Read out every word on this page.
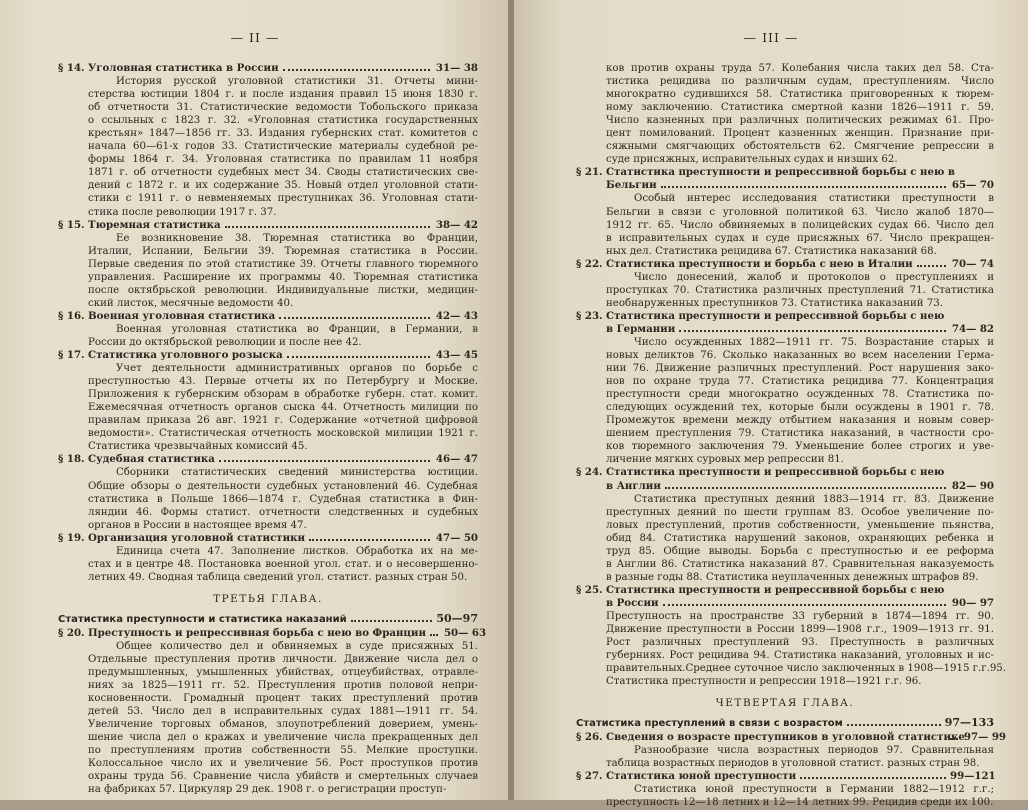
— II —
§ 14. Уголовная статистика в России	31— 38
История русской уголовной статистики 31. Отчеты мини-
стерства юстиции 1804 г. и после издания правил 15 июня 1830 г.
об отчетности 31. Статистические ведомости Тобольского приказа
о ссыльных с 1823 г. 32. «Уголовная статистика государственных
крестьян» 1847—1856 гг. 33. Издания губернских стат. комитетов с
начала 60—61-х годов 33. Статистические материалы судебной ре-
формы 1864 г. 34. Уголовная статистика по правилам 11 ноября
1871 г. об отчетности судебных мест 34. Своды статистических све-
дений с 1872 г. и их содержание 35. Новый отдел уголовной стати-
стики с 1911 г. о невменяемых преступниках 36. Уголовная стати-
стика после революции 1917 г. 37.
§ 15. Тюремная статистика	38— 42
Ее возникновение 38. Тюремная статистика во Франции,
Италии, Испании, Бельгии 39. Тюремная статистика в России.
Первые сведения по этой статистике 39. Отчеты главного тюремного
управления. Расширение их программы 40. Тюремная статистика
после октябрьской революции. Индивидуальные листки, медицин-
ский листок, месячные ведомости 40.
§ 16. Военная уголовная статистика	42— 43
Военная уголовная статистика во Франции, в Германии, в
России до октябрьской революции и после нее 42.
§ 17. Статистика уголовного розыска	43— 45
Учет деятельности административных органов по борьбе с
преступностью 43. Первые отчеты их по Петербургу и Москве.
Приложения к губернским обзорам в обработке губерн. стат. комит.
Ежемесячная отчетность органов сыска 44. Отчетность милиции по
правилам приказа 26 авг. 1921 г. Содержание «отчетной цифровой
ведомости». Статистическая отчетность московской милиции 1921 г.
Статистика чрезвычайных комиссий 45.
§ 18. Судебная статистика	46— 47
Сборники статистических сведений министерства юстиции.
Общие обзоры о деятельности судебных установлений 46. Судебная
статистика в Польше 1866—1874 г. Судебная статистика в Фин-
ляндии 46. Формы статист. отчетности следственных и судебных
органов в России в настоящее время 47.
§ 19. Организация уголовной статистики	47— 50
Единица счета 47. Заполнение листков. Обработка их на ме-
стах и в центре 48. Постановка военной угол. стат. и о несовершенно-
летних 49. Сводная таблица сведений угол. статист. разных стран 50.
ТРЕТЬЯ ГЛАВА.
Статистика преступности и статистика наказаний	50—97
§ 20. Преступность и репрессивная борьба с нею во Франции 50— 63
Общее количество дел и обвиняемых в суде присяжных 51.
Отдельные преступления против личности. Движение числа дел о
предумышленных, умышленных убийствах, отцеубийствах, отравле-
ниях за 1825—1911 гг. 52. Преступления против половой непри-
косновенности. Громадный процент таких преступлений против
детей 53. Число дел в исправительных судах 1881—1911 гг. 54.
Увеличение торговых обманов, злоупотреблений доверием, умень-
шение числа дел о кражах и увеличение числа прекращенных дел
по преступлениям против собственности 55. Мелкие проступки.
Колоссальное число их и увеличение 56. Рост проступков против
охраны труда 56. Сравнение числа убийств и смертельных случаев
на фабриках 57. Циркуляр 29 дек. 1908 г. о регистрации проступ-
— III —
ков против охраны труда 57. Колебания числа таких дел 58. Ста-
тистика рецидива по различным судам, преступлениям. Число
многократно судившихся 58. Статистика приговоренных к тюрем-
ному заключению. Статистика смертной казни 1826—1911 г. 59.
Число казненных при различных политических режимах 61. Про-
цент помилований. Процент казненных женщин. Признание при-
сяжными смягчающих обстоятельств 62. Смягчение репрессии в
суде присяжных, исправительных судах и низших 62.
§ 21. Статистика преступности и репрессивной борьбы с нею в
Бельгии	65— 70
Особый интерес исследования статистики преступности в
Бельгии в связи с уголовной политикой 63. Число жалоб 1870—
1912 гг. 65. Число обвиняемых в полицейских судах 66. Число дел
в исправительных судах и суде присяжных 67. Число прекращен-
ных дел. Статистика рецидива 67. Статистика наказаний 68.
§ 22. Статистика преступности и борьба с нею в Италии	70— 74
Число донесений, жалоб и протоколов о преступлениях и
проступках 70. Статистика различных преступлений 71. Статистика
необнаруженных преступников 73. Статистика наказаний 73.
§ 23. Статистика преступности и репрессивной борьбы с нею
в Германии	74— 82
Число осужденных 1882—1911 гг. 75. Возрастание старых и
новых деликтов 76. Сколько наказанных во всем населении Герма-
нии 76. Движение различных преступлений. Рост нарушения зако-
нов по охране труда 77. Статистика рецидива 77. Концентрация
преступности среди многократно осужденных 78. Статистика по-
следующих осуждений тех, которые были осуждены в 1901 г. 78.
Промежуток времени между отбытием наказания и новым совер-
шением преступления 79. Статистика наказаний, в частности сро-
ков тюремного заключения 79. Уменьшение более строгих и уве-
личение мягких суровых мер репрессии 81.
§ 24. Статистика преступности и репрессивной борьбы с нею
в Англии	82— 90
Статистика преступных деяний 1883—1914 гг. 83. Движение
преступных деяний по шести группам 83. Особое увеличение по-
ловых преступлений, против собственности, уменьшение пьянства,
обид 84. Статистика нарушений законов, охраняющих ребенка и
труд 85. Общие выводы. Борьба с преступностью и ее реформа
в Англии 86. Статистика наказаний 87. Сравнительная наказуемость
в разные годы 88. Статистика неуплаченных денежных штрафов 89.
§ 25. Статистика преступности и репрессивной борьбы с нею
в России	90— 97
Преступность на пространстве 33 губерний в 1874—1894 гг. 90.
Движение преступности в России 1899—1908 г.г., 1909—1913 гг. 91.
Рост различных преступлений 93. Преступность в различных
губерниях. Рост рецидива 94. Статистика наказаний, уголовных и ис-
правительных.Среднее суточное число заключенных в 1908—1915 г.г.95.
Статистика преступности и репрессии 1918—1921 г.г. 96.
ЧЕТВЕРТАЯ ГЛАВА.
Статистика преступлений в связи с возрастом	97—133
§ 26. Сведения о возрасте преступников в уголовной статистике 97— 99
Разнообразие числа возрастных периодов 97. Сравнительная
таблица возрастных периодов в уголовной статист. разных стран 98.
§ 27. Статистика юной преступности	99—121
Статистика юной преступности в Германии 1882—1912 г.г.;
преступность 12—18 летних и 12—14 летних 99. Рецидив среди их 100.
